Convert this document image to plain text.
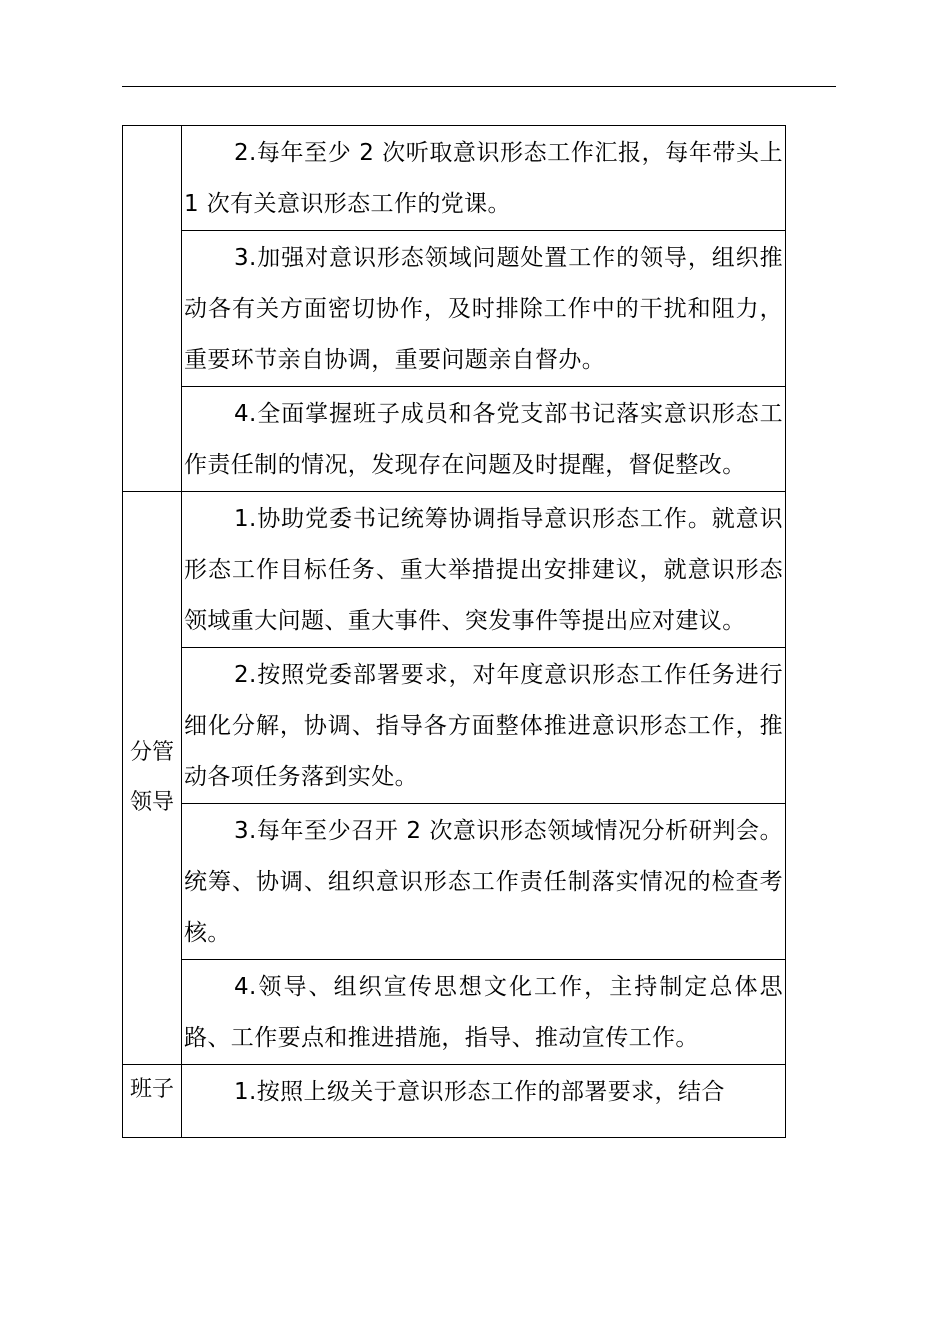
	2.每年至少 2 次听取意识形态工作汇报，每年带头上 1 次有关意识形态工作的党课。
	3.加强对意识形态领域问题处置工作的领导，组织推动各有关方面密切协作，及时排除工作中的干扰和阻力，重要环节亲自协调，重要问题亲自督办。
	4.全面掌握班子成员和各党支部书记落实意识形态工作责任制的情况，发现存在问题及时提醒，督促整改。
分管领导	1.协助党委书记统筹协调指导意识形态工作。就意识形态工作目标任务、重大举措提出安排建议，就意识形态领域重大问题、重大事件、突发事件等提出应对建议。
	2.按照党委部署要求，对年度意识形态工作任务进行细化分解，协调、指导各方面整体推进意识形态工作，推动各项任务落到实处。
	3.每年至少召开 2 次意识形态领域情况分析研判会。统筹、协调、组织意识形态工作责任制落实情况的检查考核。
	4.领导、组织宣传思想文化工作，主持制定总体思路、工作要点和推进措施，指导、推动宣传工作。
班子	1.按照上级关于意识形态工作的部署要求，结合
